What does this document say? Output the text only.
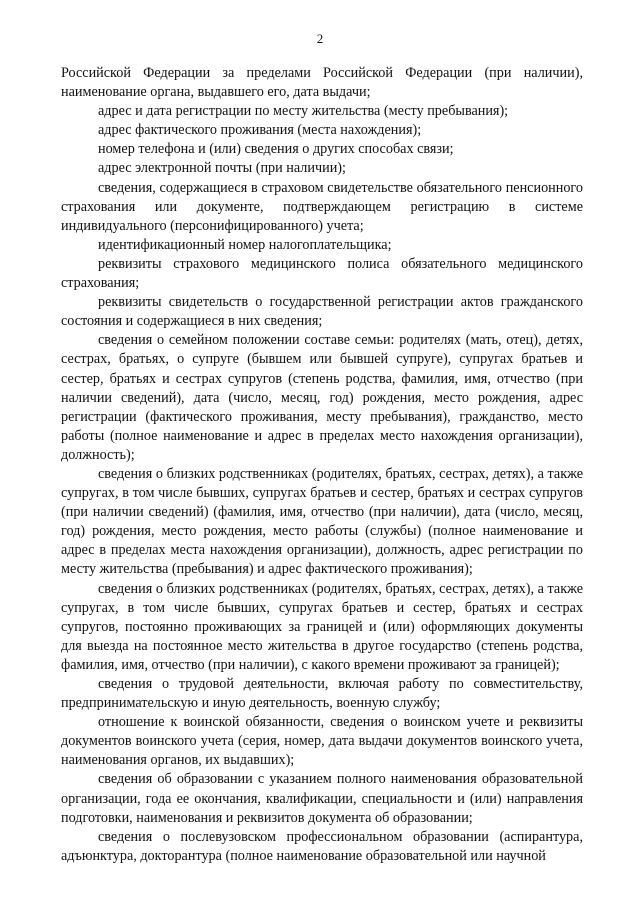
2

Российской Федерации за пределами Российской Федерации (при наличии), наименование органа, выдавшего его, дата выдачи;

адрес и дата регистрации по месту жительства (месту пребывания);

адрес фактического проживания (места нахождения);

номер телефона и (или) сведения о других способах связи;

адрес электронной почты (при наличии);

сведения, содержащиеся в страховом свидетельстве обязательного пенсионного страхования или документе, подтверждающем регистрацию в системе индивидуального (персонифицированного) учета;

идентификационный номер налогоплательщика;

реквизиты страхового медицинского полиса обязательного медицинского страхования;

реквизиты свидетельств о государственной регистрации актов гражданского состояния и содержащиеся в них сведения;

сведения о семейном положении составе семьи: родителях (мать, отец), детях, сестрах, братьях, о супруге (бывшем или бывшей супруге), супругах братьев и сестер, братьях и сестрах супругов (степень родства, фамилия, имя, отчество (при наличии сведений), дата (число, месяц, год) рождения, место рождения, адрес регистрации (фактического проживания, месту пребывания), гражданство, место работы (полное наименование и адрес в пределах место нахождения организации), должность);

сведения о близких родственниках (родителях, братьях, сестрах, детях), а также супругах, в том числе бывших, супругах братьев и сестер, братьях и сестрах супругов (при наличии сведений) (фамилия, имя, отчество (при наличии), дата (число, месяц, год) рождения, место рождения, место работы (службы) (полное наименование и адрес в пределах места нахождения организации), должность, адрес регистрации по месту жительства (пребывания) и адрес фактического проживания);

сведения о близких родственниках (родителях, братьях, сестрах, детях), а также супругах, в том числе бывших, супругах братьев и сестер, братьях и сестрах супругов, постоянно проживающих за границей и (или) оформляющих документы для выезда на постоянное место жительства в другое государство (степень родства, фамилия, имя, отчество (при наличии), с какого времени проживают за границей);

сведения о трудовой деятельности, включая работу по совместительству, предпринимательскую и иную деятельность, военную службу;

отношение к воинской обязанности, сведения о воинском учете и реквизиты документов воинского учета (серия, номер, дата выдачи документов воинского учета, наименования органов, их выдавших);

сведения об образовании с указанием полного наименования образовательной организации, года ее окончания, квалификации, специальности и (или) направления подготовки, наименования и реквизитов документа об образовании;

сведения о послевузовском профессиональном образовании (аспирантура, адъюнктура, докторантура (полное наименование образовательной или научной
